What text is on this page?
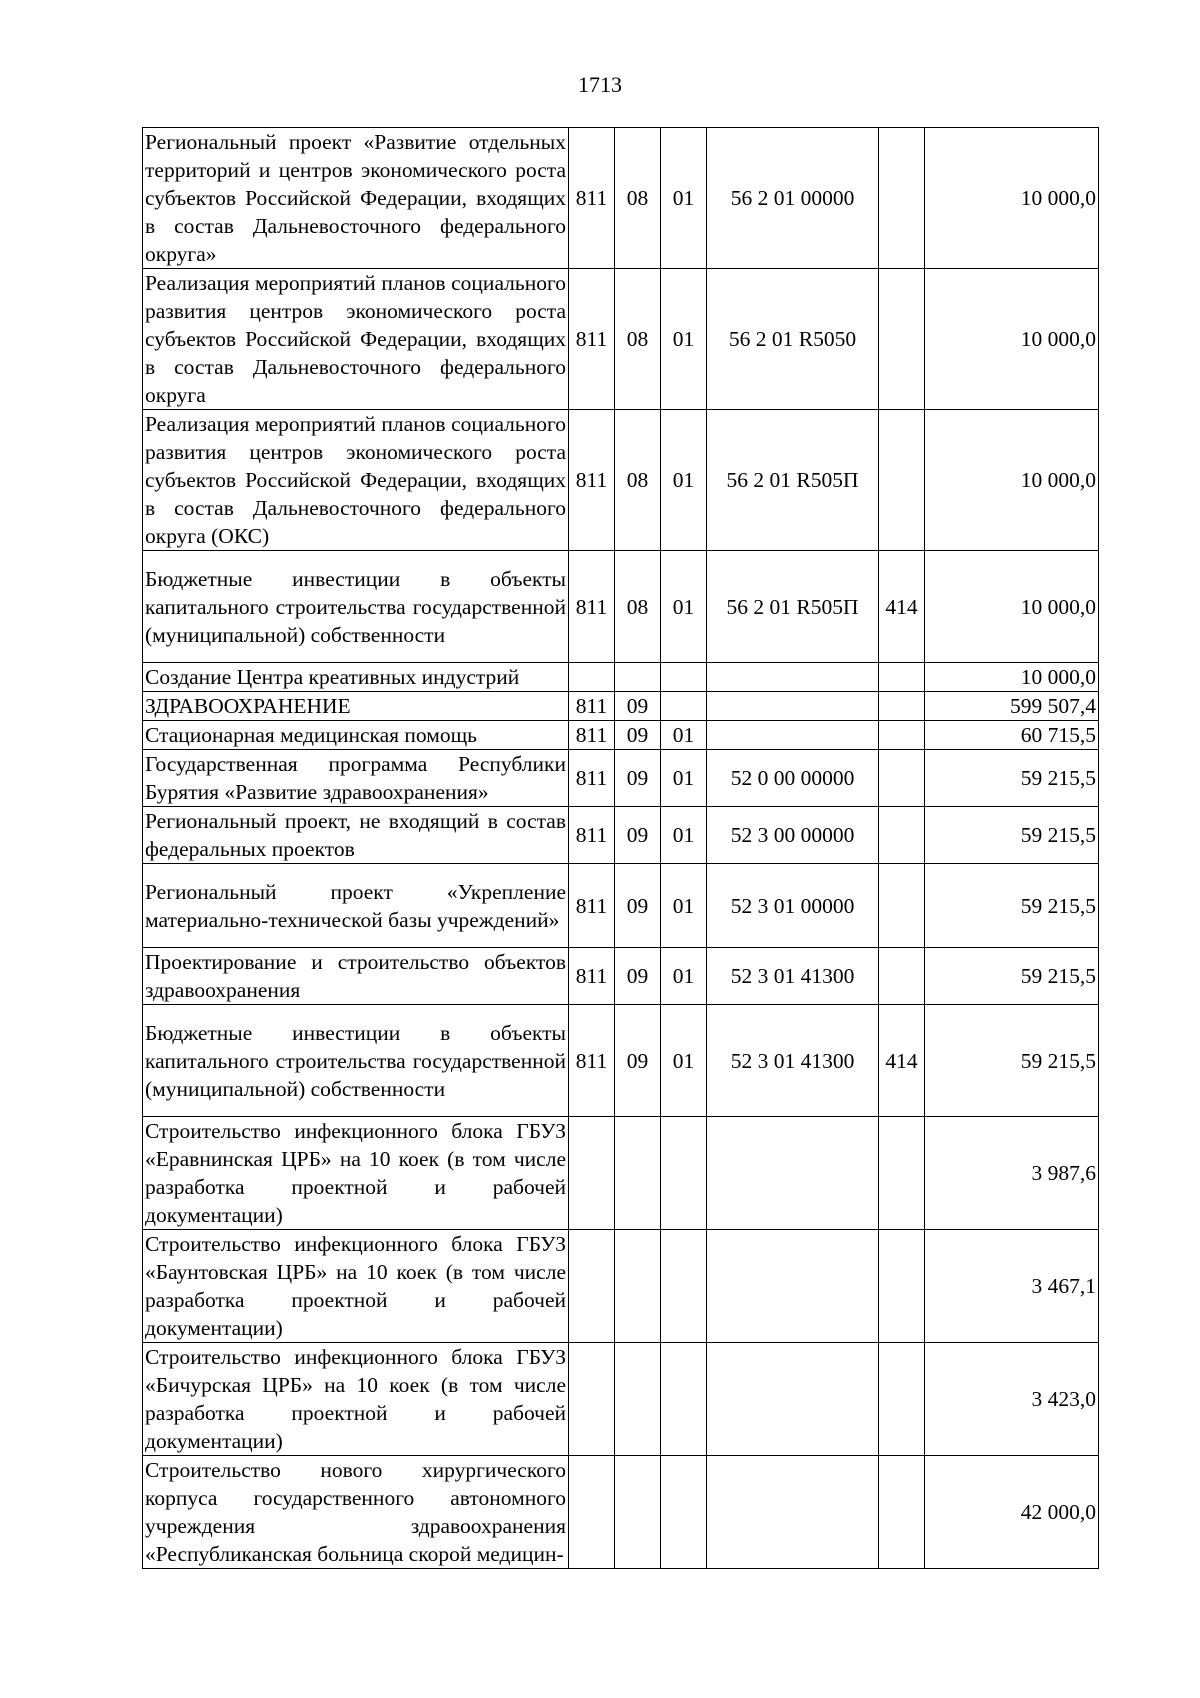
1713
Региональный проект «Развитие отдельных территорий и центров экономического роста субъектов Российской Федерации, входящих в состав Дальневосточного федерального округа»	811	08	01	56 2 01 00000		10 000,0
Реализация мероприятий планов социального развития центров экономического роста субъектов Российской Федерации, входящих в состав Дальневосточного федерального округа	811	08	01	56 2 01 R5050		10 000,0
Реализация мероприятий планов социального развития центров экономического роста субъектов Российской Федерации, входящих в состав Дальневосточного федерального округа (ОКС)	811	08	01	56 2 01 R505П		10 000,0
Бюджетные инвестиции в объекты капитального строительства государственной (муниципальной) собственности	811	08	01	56 2 01 R505П	414	10 000,0
Создание Центра креативных индустрий						10 000,0
ЗДРАВООХРАНЕНИЕ	811	09				599 507,4
Стационарная медицинская помощь	811	09	01			60 715,5
Государственная программа Республики Бурятия «Развитие здравоохранения»	811	09	01	52 0 00 00000		59 215,5
Региональный проект, не входящий в состав федеральных проектов	811	09	01	52 3 00 00000		59 215,5
Региональный проект «Укрепление материально-технической базы учреждений»	811	09	01	52 3 01 00000		59 215,5
Проектирование и строительство объектов здравоохранения	811	09	01	52 3 01 41300		59 215,5
Бюджетные инвестиции в объекты капитального строительства государственной (муниципальной) собственности	811	09	01	52 3 01 41300	414	59 215,5
Строительство инфекционного блока ГБУЗ «Еравнинская ЦРБ» на 10 коек (в том числе разработка проектной и рабочей документации)						3 987,6
Строительство инфекционного блока ГБУЗ «Баунтовская ЦРБ» на 10 коек (в том числе разработка проектной и рабочей документации)						3 467,1
Строительство инфекционного блока ГБУЗ «Бичурская ЦРБ» на 10 коек (в том числе разработка проектной и рабочей документации)						3 423,0
Строительство нового хирургического корпуса государственного автономного учреждения здравоохранения «Республиканская больница скорой медицин-						42 000,0
